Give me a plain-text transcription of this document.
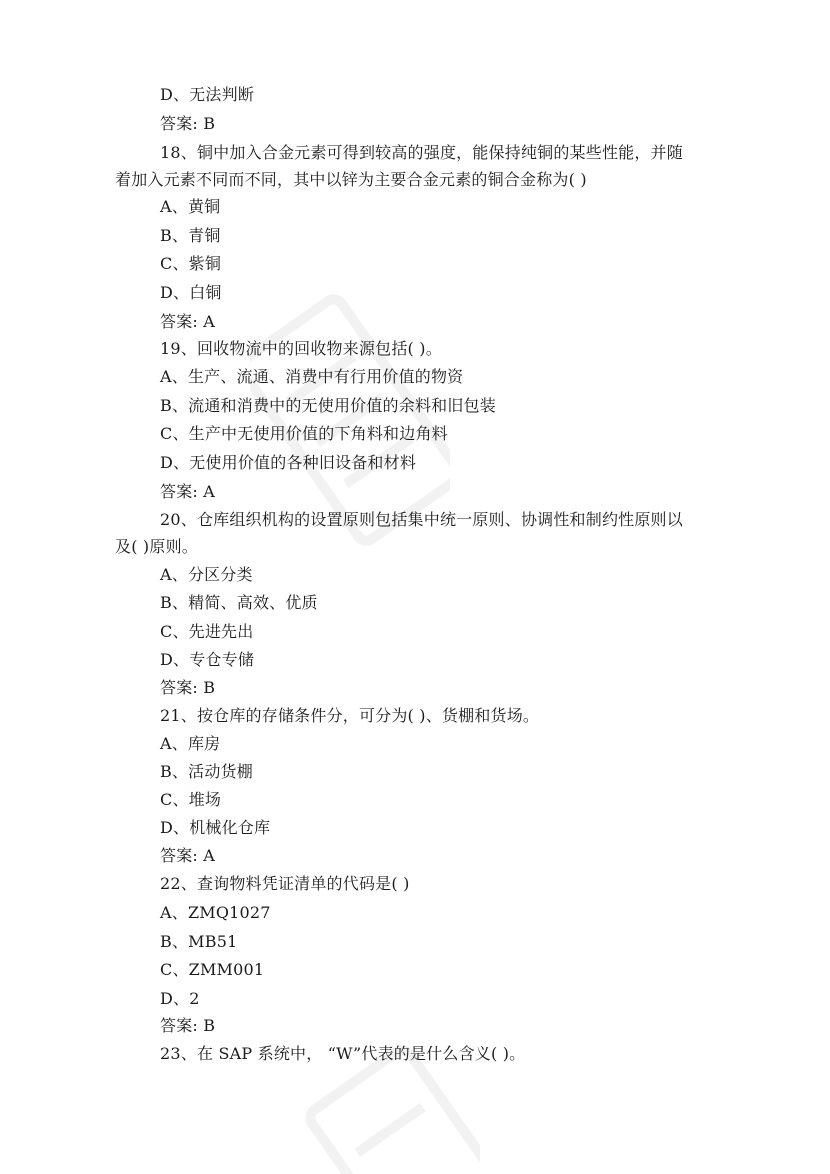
D、无法判断
答案: B
18、铜中加入合金元素可得到较高的强度，能保持纯铜的某些性能，并随
着加入元素不同而不同，其中以锌为主要合金元素的铜合金称为( )
A、黄铜
B、青铜
C、紫铜
D、白铜
答案: A
19、回收物流中的回收物来源包括( )。
A、生产、流通、消费中有行用价值的物资
B、流通和消费中的无使用价值的余料和旧包装
C、生产中无使用价值的下角料和边角料
D、无使用价值的各种旧设备和材料
答案: A
20、仓库组织机构的设置原则包括集中统一原则、协调性和制约性原则以
及( )原则。
A、分区分类
B、精简、高效、优质
C、先进先出
D、专仓专储
答案: B
21、按仓库的存储条件分，可分为( )、货棚和货场。
A、库房
B、活动货棚
C、堆场
D、机械化仓库
答案: A
22、查询物料凭证清单的代码是( )
A、ZMQ1027
B、MB51
C、ZMM001
D、2
答案: B
23、在 SAP 系统中， “W”代表的是什么含义( )。
